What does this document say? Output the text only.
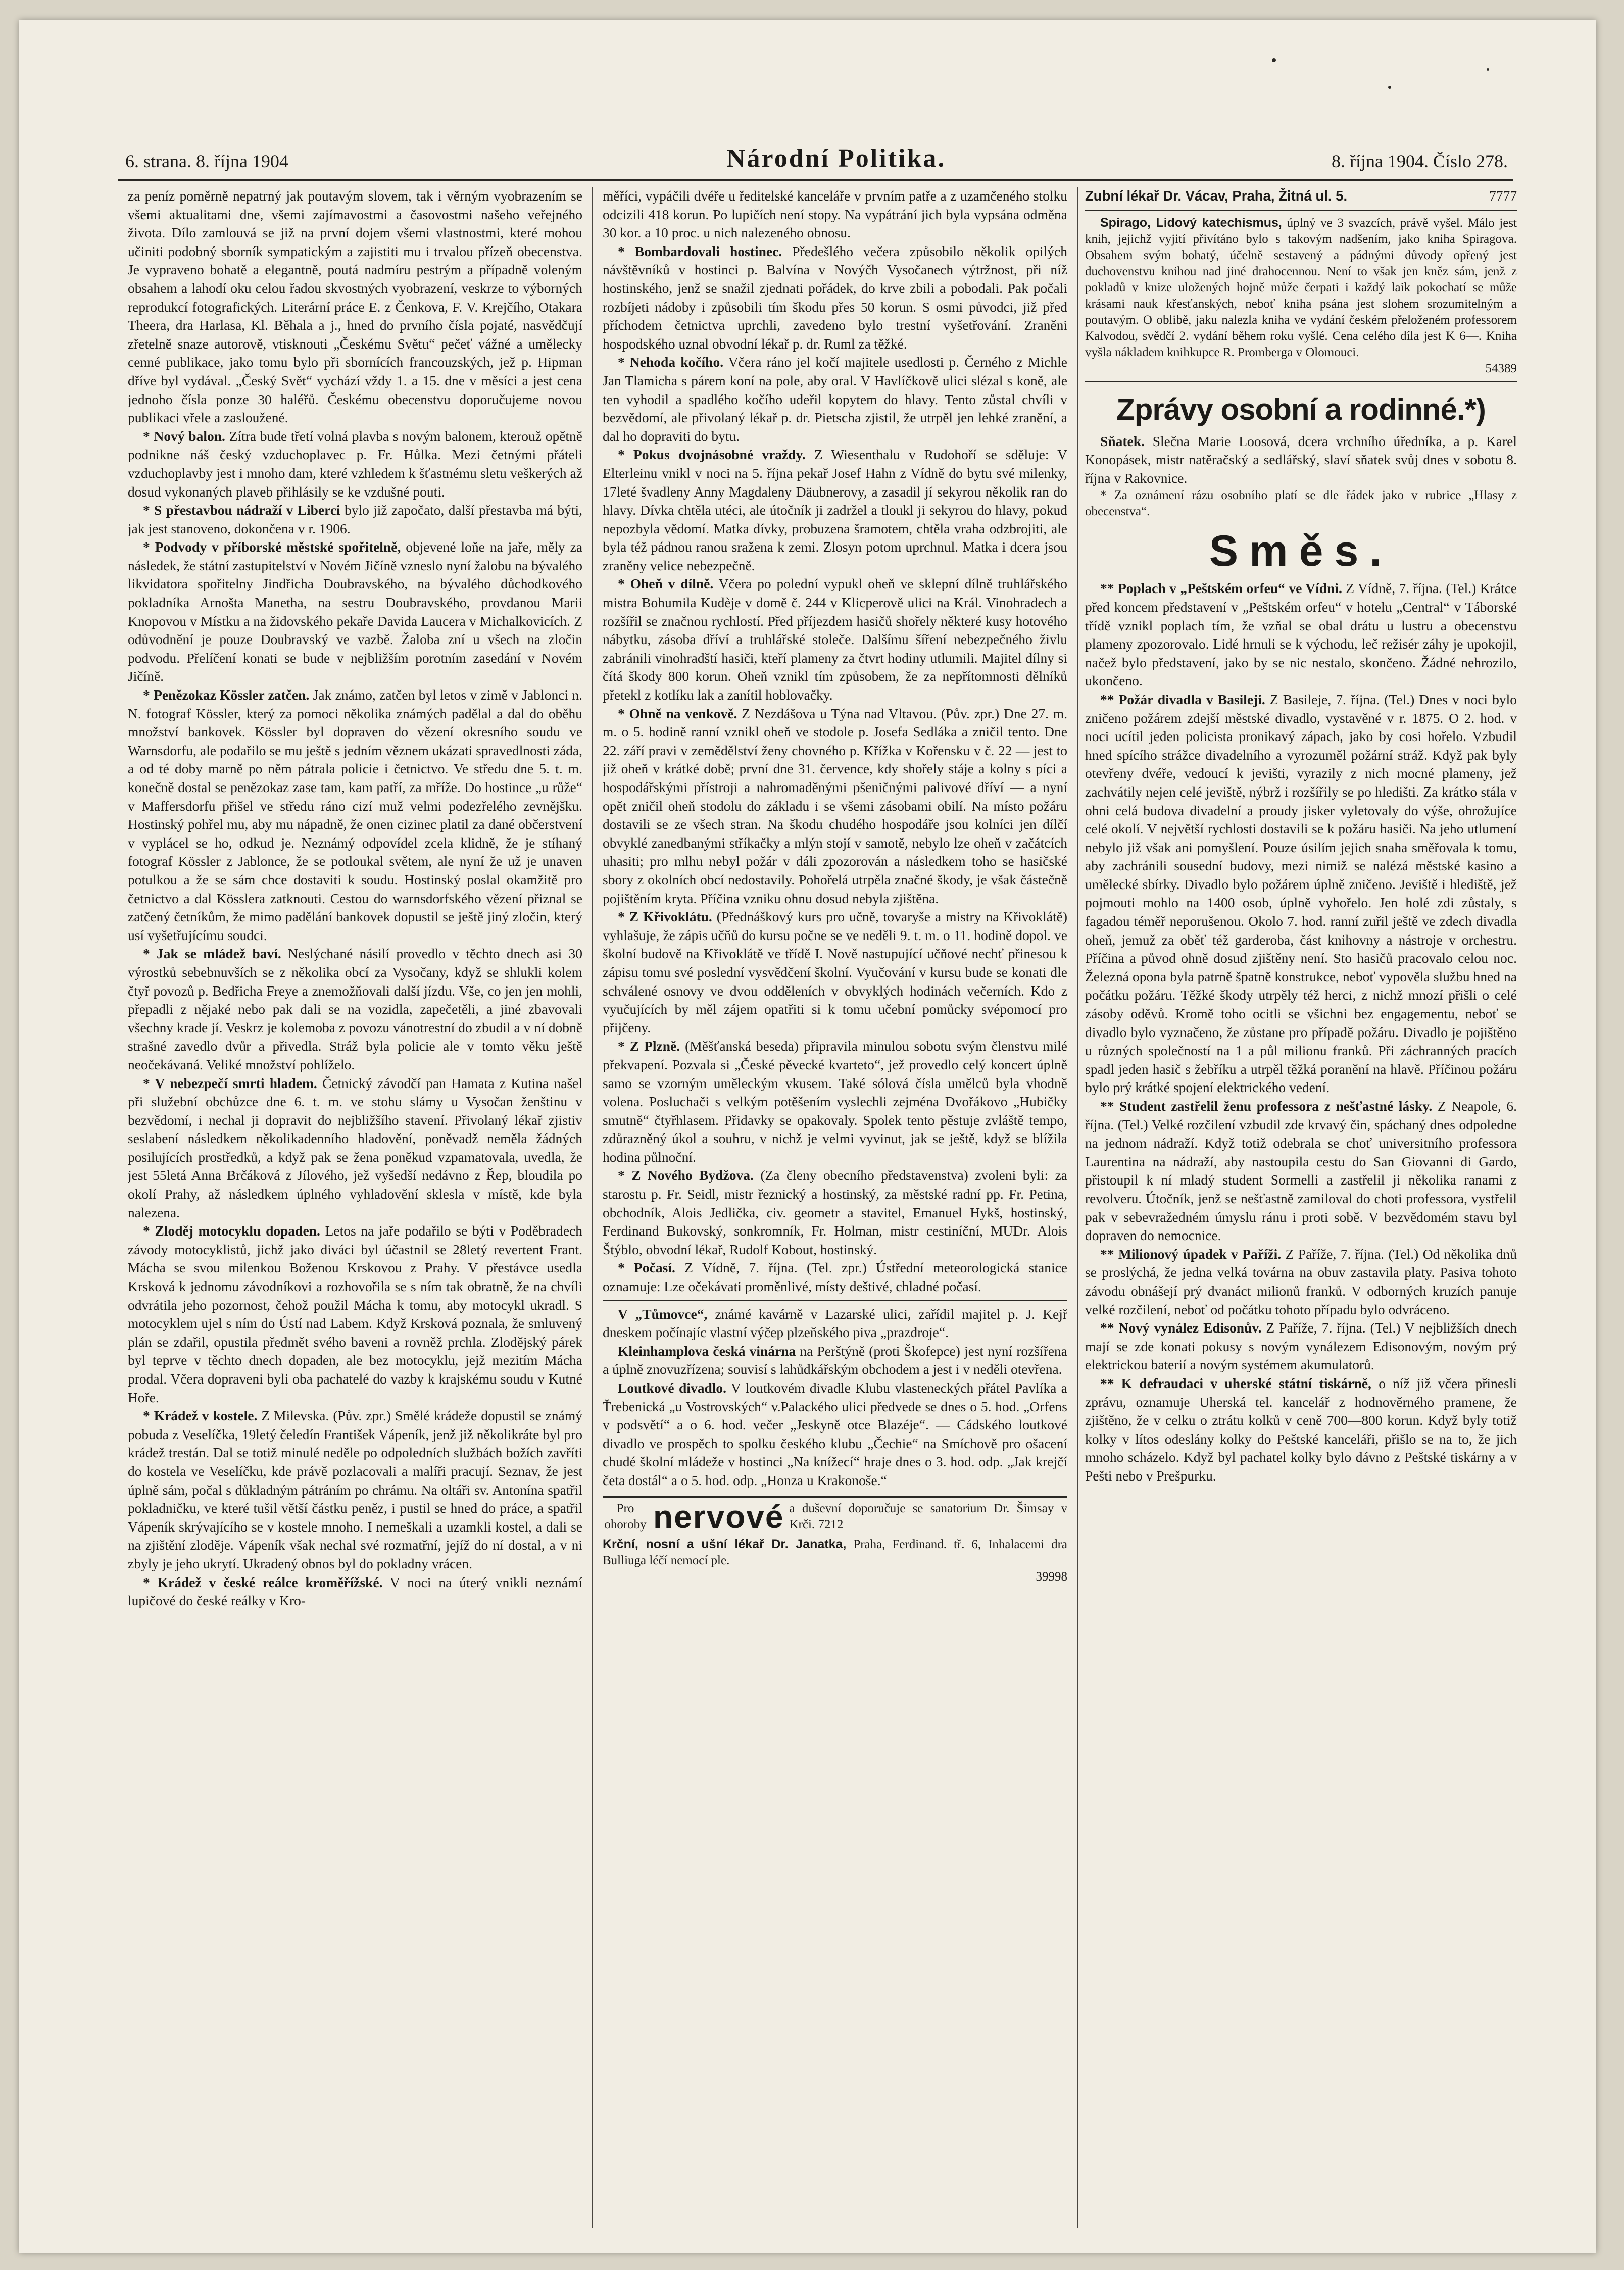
6. strana. 8. října 1904	Národní Politika.	8. října 1904. Číslo 278.

za peníz poměrně nepatrný jak poutavým slovem, tak i věrným vyobrazením se všemi aktualitami dne, všemi zajímavostmi a časovostmi našeho veřejného života. Dílo zamlouvá se již na první dojem všemi vlastnostmi, které mohou učiniti podobný sborník sympatickým a zajistiti mu i trvalou přízeň obecenstva. Je vypraveno bohatě a elegantně, poutá nadmíru pestrým a případně voleným obsahem a lahodí oku celou řadou skvostných vyobrazení, veskrze to výborných reprodukcí fotografických. Literární práce E. z Čenkova, F. V. Krejčího, Otakara Theera, dra Harlasa, Kl. Běhala a j., hned do prvního čísla pojaté, nasvědčují zřetelně snaze autorově, vtisknouti „Českému Světu“ pečeť vážné a umělecky cenné publikace, jako tomu bylo při sbornících francouzských, jež p. Hipman dříve byl vydával. „Český Svět“ vychází vždy 1. a 15. dne v měsíci a jest cena jednoho čísla ponze 30 haléřů. Českému obecenstvu doporučujeme novou publikaci vřele a zasloužené.

* Nový balon. Zítra bude třetí volná plavba s novým balonem, kterouž opětně podnikne náš český vzduchoplavec p. Fr. Hůlka. Mezi četnými přáteli vzduchoplavby jest i mnoho dam, které vzhledem k šťastnému sletu veškerých až dosud vykonaných plaveb přihlásily se ke vzdušné pouti.

* S přestavbou nádraží v Liberci bylo již započato, další přestavba má býti, jak jest stanoveno, dokončena v r. 1906.

* Podvody v příborské městské spořitelně, objevené loňe na jaře, měly za následek, že státní zastupitelství v Novém Jičíně vzneslo nyní žalobu na bývalého likvidatora spořitelny Jindřicha Doubravského, na bývalého důchodkového pokladníka Arnošta Manetha, na sestru Doubravského, provdanou Marii Knopovou v Místku a na židovského pekaře Davida Laucera v Michalkovicích. Z odůvodnění je pouze Doubravský ve vazbě. Žaloba zní u všech na zločin podvodu. Přelíčení konati se bude v nejbližším porotním zasedání v Novém Jičíně.

* Penězokaz Kössler zatčen. Jak známo, zatčen byl letos v zimě v Jablonci n. N. fotograf Kössler, který za pomoci několika známých padělal a dal do oběhu množství bankovek. Kössler byl dopraven do vězení okresního soudu ve Warnsdorfu, ale podařilo se mu ještě s jedním věznem ukázati spravedlnosti záda, a od té doby marně po něm pátrala policie i četnictvo. Ve středu dne 5. t. m. konečně dostal se penězokaz zase tam, kam patří, za mříže. Do hostince „u růže“ v Maffersdorfu přišel ve středu ráno cizí muž velmi podezřelého zevnějšku. Hostinský pohřel mu, aby mu nápadně, že onen cizinec platil za dané občerstvení v vyplácel se ho, odkud je. Neznámý odpovídel zcela klidně, že je stíhaný fotograf Kössler z Jablonce, že se potloukal světem, ale nyní že už je unaven potulkou a že se sám chce dostaviti k soudu. Hostinský poslal okamžitě pro četnictvo a dal Kösslera zatknouti. Cestou do warnsdorfského vězení přiznal se zatčený četníkům, že mimo padělání bankovek dopustil se ještě jiný zločin, který usí vyšetřujícímu soudci.

* Jak se mládež baví. Neslýchané násilí provedlo v těchto dnech asi 30 výrostků sebebnuvších se z několika obcí za Vysočany, když se shlukli kolem čtyř povozů p. Bedřicha Freye a znemožňovali další jízdu. Vše, co jen jen mohli, přepadli z nějaké nebo pak dali se na vozidla, zapečetěli, a jiné zbavovali všechny krade jí. Veskrz je kolemoba z povozu vánotrestní do zbudil a v ní dobně strašné zavedlo dvůr a přivedla. Stráž byla policie ale v tomto věku ještě neočekávaná. Veliké množství pohlíželo.

* V nebezpečí smrti hladem. Četnický závodčí pan Hamata z Kutina našel při služební obchůzce dne 6. t. m. ve stohu slámy u Vysočan ženštinu v bezvědomí, i nechal ji dopravit do nejbližšího stavení. Přivolaný lékař zjistiv seslabení následkem několikadenního hladovění, poněvadž neměla žádných posilujících prostředků, a když pak se žena poněkud vzpamatovala, uvedla, že jest 55letá Anna Brčáková z Jílového, jež vyšedší nedávno z Řep, bloudila po okolí Prahy, až následkem úplného vyhladovění sklesla v místě, kde byla nalezena.

* Zloděj motocyklu dopaden. Letos na jaře podařilo se býti v Poděbradech závody motocyklistů, jichž jako diváci byl účastnil se 28letý revertent Frant. Mácha se svou milenkou Boženou Krskovou z Prahy. V přestávce usedla Krsková k jednomu závodníkovi a rozhovořila se s ním tak obratně, že na chvíli odvrátila jeho pozornost, čehož použil Mácha k tomu, aby motocykl ukradl. S motocyklem ujel s ním do Ústí nad Labem. Když Krsková poznala, že smluvený plán se zdařil, opustila předmět svého baveni a rovněž prchla. Zlodějský párek byl teprve v těchto dnech dopaden, ale bez motocyklu, jejž mezitím Mácha prodal. Včera dopraveni byli oba pachatelé do vazby k krajskému soudu v Kutné Hoře.

* Krádež v kostele. Z Milevska. (Pův. zpr.) Smělé krádeže dopustil se známý pobuda z Veselíčka, 19letý čeledín František Vápeník, jenž již několikráte byl pro krádež trestán. Dal se totiž minulé neděle po odpoledních službách božích zavříti do kostela ve Veselíčku, kde právě pozlacovali a malíři pracují. Seznav, že jest úplně sám, počal s důkladným pátráním po chrámu. Na oltáři sv. Antonína spatřil pokladničku, ve které tušil větší částku peněz, i pustil se hned do práce, a spatřil Vápeník skrývajícího se v kostele mnoho. I nemeškali a uzamkli kostel, a dali se na zjištění zloděje. Vápeník však nechal své rozmatřní, jejíž do ní dostal, a v ni zbyly je jeho ukrytí. Ukradený obnos byl do pokladny vrácen.

* Krádež v české reálce kroměřížské. V noci na úterý vnikli neznámí lupičové do české reálky v Kro-

měříci, vypáčili dvéře u ředitelské kanceláře v prvním patře a z uzamčeného stolku odcizili 418 korun. Po lupičích není stopy. Na vypátrání jich byla vypsána odměna 30 kor. a 10 proc. u nich nalezeného obnosu.

* Bombardovali hostinec. Předešlého večera způsobilo několik opilých návštěvníků v hostinci p. Balvína v Novýčh Vysočanech výtržnost, při níž hostinského, jenž se snažil zjednati pořádek, do krve zbili a pobodali. Pak počali rozbíjeti nádoby i způsobili tím škodu přes 50 korun. S osmi původci, již před příchodem četnictva uprchli, zavedeno bylo trestní vyšetřování. Zraněni hospodského uznal obvodní lékař p. dr. Ruml za těžké.

* Nehoda kočího. Včera ráno jel kočí majitele usedlosti p. Černého z Michle Jan Tlamicha s párem koní na pole, aby oral. V Havlíčkově ulici slézal s koně, ale ten vyhodil a spadlého kočího udeřil kopytem do hlavy. Tento zůstal chvíli v bezvědomí, ale přivolaný lékař p. dr. Pietscha zjistil, že utrpěl jen lehké zranění, a dal ho dopraviti do bytu.

* Pokus dvojnásobné vraždy. Z Wiesenthalu v Rudohoří se sděluje: V Elterleinu vnikl v noci na 5. října pekař Josef Hahn z Vídně do bytu své milenky, 17leté švadleny Anny Magdaleny Däubnerovy, a zasadil jí sekyrou několik ran do hlavy. Dívka chtěla utéci, ale útočník ji zadržel a tloukl ji sekyrou do hlavy, pokud nepozbyla vědomí. Matka dívky, probuzena šramotem, chtěla vrahа odzbrojiti, ale byla též pádnou ranou sražena k zemi. Zlosyn potom uprchnul. Matka i dcera jsou zraněny velice nebezpečně.

* Oheň v dílně. Včera po polední vypukl oheň ve sklepní dílně truhlářského mistra Bohumila Kudèje v domě č. 244 v Klicperově ulici na Král. Vinohradech a rozšířil se značnou rychlostí. Před příjezdem hasičů shořely některé kusy hotového nábytku, zásoba dříví a truhlářské stoleče. Dalšímu šíření nebezpečného živlu zabránili vinohradští hasiči, kteří plameny za čtvrt hodiny utlumili. Majitel dílny si čítá škody 800 korun. Oheň vznikl tím způsobem, že za nepřítomnosti dělníků přetekl z kotlíku lak a zanítil hoblovačky.

* Ohně na venkově. Z Nezdášova u Týna nad Vltavou. (Pův. zpr.) Dne 27. m. m. o 5. hodině ranní vznikl oheň ve stodole p. Josefa Sedláka a zničil tento. Dne 22. září pravi v zemědělství ženy chovného p. Křížka v Kořensku v č. 22 — jest to již oheň v krátké době; první dne 31. července, kdy shořely stáje a kolny s píci a hospodářskými přístroji a nahromaděnými pšeničnými palivové dříví — a nyní opět zničil oheň stodolu do základu i se všemi zásobami obilí. Na místo požáru dostavili se ze všech stran. Na škodu chudého hospodáře jsou kolníci jen dílčí obvyklé zanedbanými stříkačky a mlýn stojí v samotě, nebylo lze oheň v začátcích uhasiti; pro mlhu nebyl požár v dáli zpozorován a následkem toho se hasičské sbory z okolních obcí nedostavily. Pohořelá utrpěla značné škody, je však částečně pojištěním kryta. Příčina vzniku ohnu dosud nebyla zjištěna.

* Z Křivoklátu. (Přednáškový kurs pro učně, tovaryše a mistry na Křivoklátě) vyhlašuje, že zápis učňů do kursu počne se ve neděli 9. t. m. o 11. hodině dopol. ve školní budově na Křivoklátě ve třídě I. Nově nastupující učňové nechť přinesou k zápisu tomu své poslední vysvědčení školní. Vyučování v kursu bude se konati dle schválené osnovy ve dvou odděleních v obvyklých hodinách večerních. Kdo z vyučujících by měl zájem opatřiti si k tomu učební pomůcky svépomocí pro přijčeny.

* Z Plzně. (Měšťanská beseda) připravila minulou sobotu svým členstvu milé překvapení. Pozvala si „České pěvecké kvarteto“, jež provedlo celý koncert úplně samo se vzorným uměleckým vkusem. Také sólová čísla umělců byla vhodně volena. Posluchači s velkým potěšením vyslechli zejména Dvořákovo „Hubičky smutně“ čtyřhlasem. Přidavky se opakovaly. Spolek tento pěstuje zvláště tempo, zdůrazněný úkol a souhru, v nichž je velmi vyvinut, jak se ještě, když se blížila hodina půlnoční.

* Z Nového Bydžova. (Za členy obecního představenstva) zvoleni byli: za starostu p. Fr. Seidl, mistr řeznický a hostinský, za městské radní pp. Fr. Petina, obchodník, Alois Jedlička, civ. geometr a stavitel, Emanuel Hykš, hostinský, Ferdinand Bukovský, sonkromník, Fr. Holman, mistr cestiníční, MUDr. Alois Štýblo, obvodní lékař, Rudolf Kobout, hostinský.

* Počasí. Z Vídně, 7. října. (Tel. zpr.) Ústřední meteorologická stanice oznamuje: Lze očekávati proměnlivé, místy deštivé, chladné počasí.

V „Tůmovce“, známé kavárně v Lazarské ulici, zařídil majitel p. J. Kejř dneskem počínajíc vlastní výčep plzeňského piva „prazdroje“.

Kleinhamplova česká vinárna na Perštýně (proti Škofepce) jest nyní rozšířena a úplně znovuzřízena; souvisí s lahůdkářským obchodem a jest i v neděli otevřena.

Loutkové divadlo. V loutkovém divadle Klubu vlasteneckých přátel Pavlíka a Ťrebenická „u Vostrovských“ v.Palackého ulici předvede se dnes o 5. hod. „Orfens v podsvětí“ a o 6. hod. večer „Jeskyně otce Blazéje“. — Cádského loutkové divadlo ve prospěch to spolku českého klubu „Čechie“ na Smíchově pro ošacení chudé školní mládeže v hostinci „Na knížecí“ hraje dnes o 3. hod. odp. „Jak krejčí četa dostál“ a o 5. hod. odp. „Honza u Krakonoše.“

Pro
ohoroby nervové a duševní doporučuje se sanatorium Dr. Šimsay v Krči. 7212

Krční, nosní a ušní lékař Dr. Janatka, Praha, Ferdinand. tř. 6, Inhalacemi dra Bulliuga léčí nemocí ple.

39998

Zubní lékař Dr. Vácav, Praha, Žitná ul. 5.	7777

Spirago, Lidový katechismus, úplný ve 3 svazcích, právě vyšel. Málo jest knih, jejichž vyjití přivítáno bylo s takovým nadšením, jako kniha Spiragova. Obsahem svým bohatý, účelně sestavený a pádnými důvody opřený jest duchovenstvu knihou nad jiné drahocennou. Není to však jen kněz sám, jenž z pokladů v knize uložených hojně může čerpati i každý laik pokochatí se může krásami nauk křesťanských, neboť kniha psána jest slohem srozumitelným a poutavým. O oblibě, jaku nalezla kniha ve vydání českém přeloženém professorem Kalvodou, svědčí 2. vydání během roku vyšlé. Cena celého díla jest K 6—. Kniha vyšla nákladem knihkupce R. Promberga v Olomouci.

54389

Zprávy osobní a rodinné.*)

Sňatek. Slečna Marie Loosová, dcera vrchního úředníka, a p. Karel Konopásek, mistr natěračský a sedlářský, slaví sňatek svůj dnes v sobotu 8. října v Rakovnice.

* Za oznámení rázu osobního platí se dle řádek jako v rubrice „Hlasy z obecenstva“.

Směs.

** Poplach v „Peštském orfeu“ ve Vídni. Z Vídně, 7. října. (Tel.) Krátce před koncem představení v „Peštském orfeu“ v hotelu „Central“ v Táborské třídě vznikl poplach tím, že vzňal se obal drátu u lustru a obecenstvu plameny zpozorovalo. Lidé hrnuli se k východu, leč režisér záhy je upokojil, načež bylo představení, jako by se nic nestalo, skončeno. Žádné nehrozilo, ukončeno.

** Požár divadla v Basileji. Z Basileje, 7. října. (Tel.) Dnes v noci bylo zničeno požárem zdejší městské divadlo, vystavěné v r. 1875. O 2. hod. v noci ucítil jeden policista pronikavý zápach, jako by cosi hořelo. Vzbudil hned spícího strážce divadelního a vyrozuměl požární stráž. Když pak byly otevřeny dvéře, vedoucí k jevišti, vyrazily z nich mocné plameny, jež zachvátily nejen celé jeviště, nýbrž i rozšířily se po hledišti. Za krátko stála v ohni celá budova divadelní a proudy jisker vyletovaly do výše, ohrožujíce celé okolí. V největší rychlosti dostavili se k požáru hasiči. Na jeho utlumení nebylo již však ani pomyšlení. Pouze úsilím jejich snaha směřovala k tomu, aby zachránili sousední budovy, mezi nimiž se nalézá městské kasino a umělecké sbírky. Divadlo bylo požárem úplně zničeno. Jeviště i hlediště, jež pojmouti mohlo na 1400 osob, úplně vyhořelo. Jen holé zdi zůstaly, s fagadou téměř neporušenou. Okolo 7. hod. ranní zuřil ještě ve zdech divadla oheň, jemuž za oběť též garderoba, část knihovny a nástroje v orchestru. Příčina a původ ohně dosud zjištěny není. Sto hasičů pracovalo celou noc. Železná opona byla patrně špatně konstrukce, neboť vypověla službu hned na počátku požáru. Těžké škody utrpěly též herci, z nichž mnozí přišli o celé zásoby oděvů. Kromě toho ocitli se všichni bez engagementu, neboť se divadlo bylo vyznačeno, že zůstane pro případě požáru. Divadlo je pojištěno u různých společností na 1 a půl milionu franků. Při záchranných pracích spadl jeden hasič s žebříku a utrpěl těžká poranění na hlavě. Příčinou požáru bylo prý krátké spojení elektrického vedení.

** Student zastřelil ženu professora z nešťastné lásky. Z Neapole, 6. října. (Tel.) Velké rozčilení vzbudil zde krvavý čin, spáchaný dnes odpoledne na jednom nádraží. Když totiž odebrala se choť universitního professora Laurentina na nádraží, aby nastoupila cestu do San Giovanni di Gardo, přistoupil k ní mladý student Sormelli a zastřelil ji několika ranami z revolveru. Útočník, jenž se nešťastně zamiloval do choti professora, vystřelil pak v sebevražedném úmyslu ránu i proti sobě. V bezvědomém stavu byl dopraven do nemocnice.

** Milionový úpadek v Paříži. Z Paříže, 7. října. (Tel.) Od několika dnů se proslýchá, že jedna velká továrna na obuv zastavila platy. Pasiva tohoto závodu obnášejí prý dvanáct milionů franků. V odborných kruzích panuje velké rozčilení, neboť od počátku tohoto případu bylo odvráceno.

** Nový vynález Edisonův. Z Paříže, 7. října. (Tel.) V nejbližších dnech mají se zde konati pokusy s novým vynálezem Edisonovým, novým prý elektrickou baterií a novým systémem akumulatorů.

** K defraudaci v uherské státní tiskárně, o níž již včera přinesli zprávu, oznamuje Uherská tel. kancelář z hodnověrného pramene, že zjištěno, že v celku o ztrátu kolků v ceně 700—800 korun. Když byly totiž kolky v lítos odeslány kolky do Peštské kanceláři, přišlo se na to, že jich mnoho scházelo. Když byl pachatel kolky bylo dávno z Peštské tiskárny a v Pešti nebo v Prešpurku.
